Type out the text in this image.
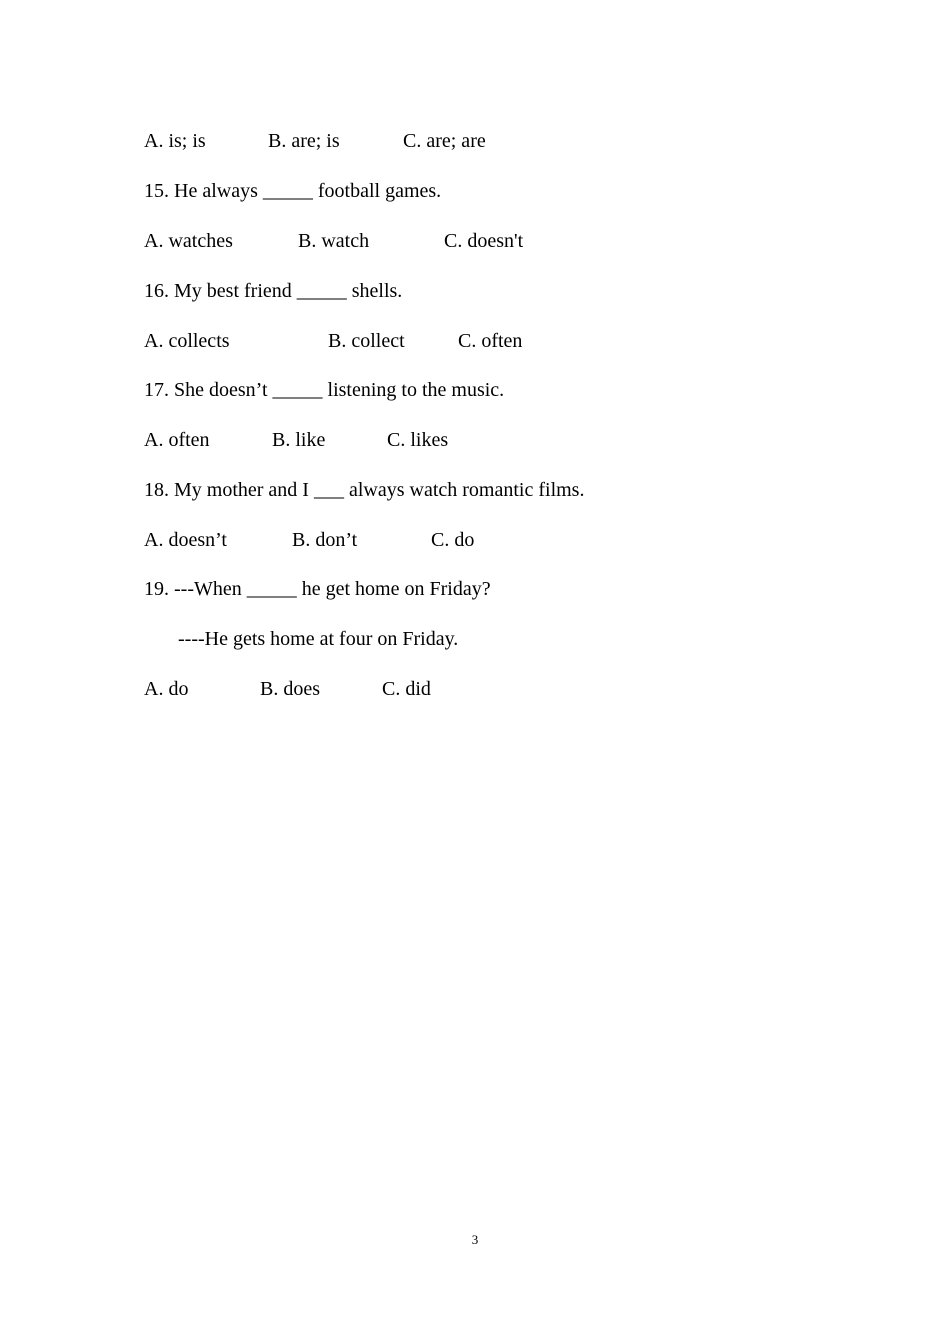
A. is; is	B. are; is	C. are; are
15. He always _____ football games.
A. watches	B. watch	C. doesn't
16. My best friend _____ shells.
A. collects	B. collect	C. often
17. She doesn’t _____ listening to the music.
A. often	B. like	C. likes
18. My mother and I ___ always watch romantic films.
A. doesn’t	B. don’t	C. do
19. ---When _____ he get home on Friday?
----He gets home at four on Friday.
A. do	B. does	C. did
3
